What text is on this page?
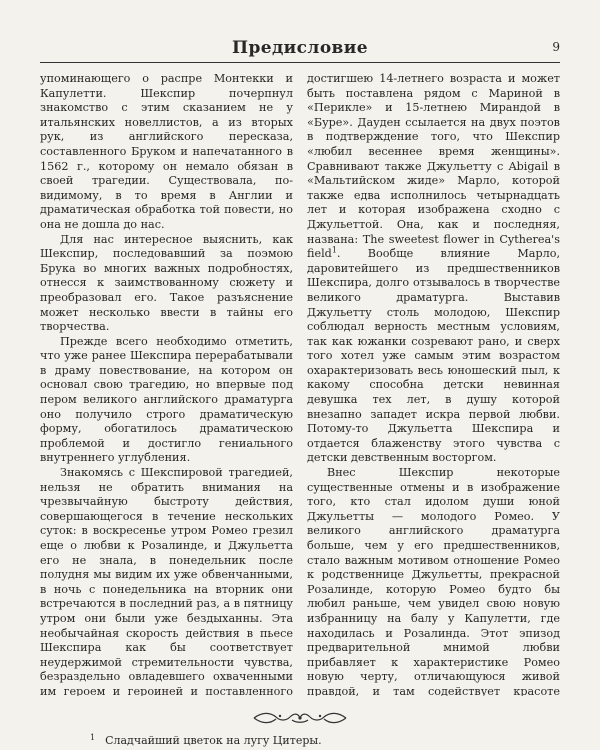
Предисловие	9

упоминающего о распре Монтекки и Капулетти. Шекспир почерпнул знакомство с этим сказанием не у итальянских новеллистов, а из вторых рук, из английского пересказа, составленного Бруком и напечатанного в 1562 г., которому он немало обязан в своей трагедии. Существовала, по-видимому, в то время в Англии и драматическая обработка той повести, но она не дошла до нас.

Для нас интересное выяснить, как Шекспир, последовавший за поэмою Брука во многих важных подробностях, отнесся к заимствованному сюжету и преобразовал его. Такое разъяснение может несколько ввести в тайны его творчества.

Прежде всего необходимо отметить, что уже ранее Шекспира перерабатывали в драму повествование, на котором он основал свою трагедию, но впервые под пером великого английского драматурга оно получило строго драматическую форму, обогатилось драматическою проблемой и достигло гениального внутреннего углубления.

Знакомясь с Шекспировой трагедией, нельзя не обратить внимания на чрезвычайную быстроту действия, совершающегося в течение нескольких суток: в воскресенье утром Ромео грезил еще о любви к Розалинде, и Джульетта его не знала, в понедельник после полудня мы видим их уже обвенчанными, в ночь с понедельника на вторник они встречаются в последний раз, а в пятницу утром они были уже бездыханны. Эта необычайная скорость действия в пьесе Шекспира как бы соответствует неудержимой стремительности чувства, безраздельно овладевшего охваченными им героем и героиней и поставленного

достигшею 14-летнего возраста и может быть поставлена рядом с Мариной в «Перикле» и 15-летнею Мирандой в «Буре». Дауден ссылается на двух поэтов в подтверждение того, что Шекспир «любил весеннее время женщины». Сравнивают также Джульетту с Abigail в «Мальтийском жиде» Марло, которой также едва исполнилось четырнадцать лет и которая изображена сходно с Джульеттой. Она, как и последняя, названа: The sweetest flower in Cytherea's field$^1$. Вообще влияние Марло, даровитейшего из предшественников Шекспира, долго отзывалось в творчестве великого драматурга. Выставив Джульетту столь молодою, Шекспир соблюдал верность местным условиям, так как южанки созревают рано, и сверх того хотел уже самым этим возрастом охарактеризовать весь юношеский пыл, к какому способна детски невинная девушка тех лет, в душу которой внезапно западет искра первой любви. Потому-то Джульетта Шекспира и отдается блаженству этого чувства с детски девственным восторгом.

Внес Шекспир некоторые существенные отмены и в изображение того, кто стал идолом души юной Джульетты — молодого Ромео. У великого английского драматурга больше, чем у его предшественников, стало важным мотивом отношение Ромео к родственнице Джульетты, прекрасной Розалинде, которую Ромео будто бы любил раньше, чем увидел свою новую избранницу на балу у Капулетти, где находилась и Розалинда. Этот эпизод предварительной мнимой любви прибавляет к характеристике Ромео новую черту, отличающуюся живой правдой, и там содействует красоте

1 Сладчайший цветок на лугу Цитеры.
